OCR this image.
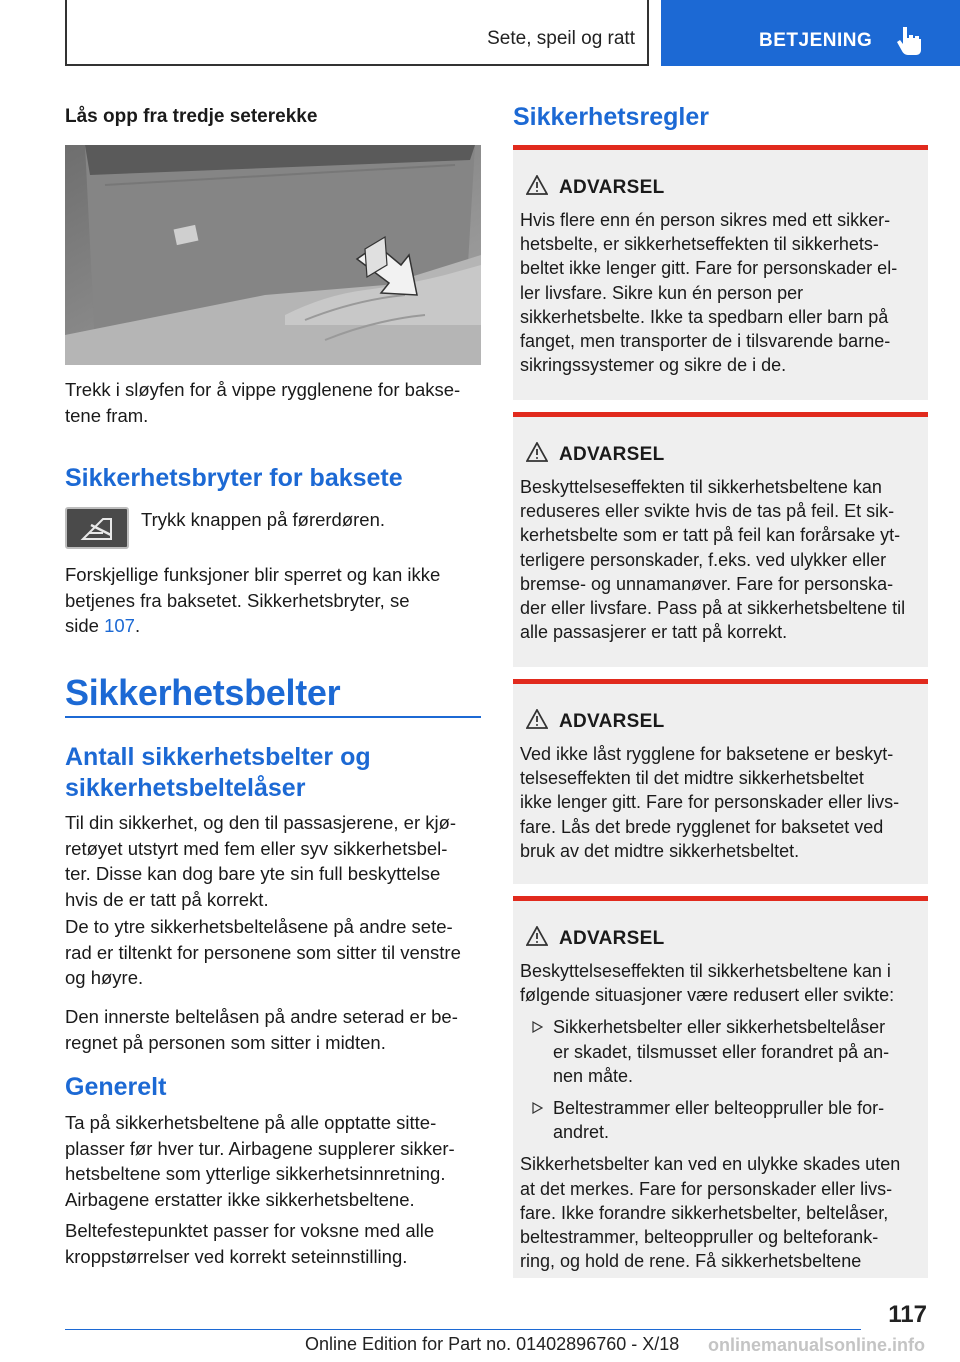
Sete, speil og ratt	BETJENING
Lås opp fra tredje seterekke
Trekk i sløyfen for å vippe rygglenene for bakse-
tene fram.
Sikkerhetsbryter for baksete
Trykk knappen på førerdøren.
Forskjellige funksjoner blir sperret og kan ikke
betjenes fra baksetet. Sikkerhetsbryter, se
side 107.
Sikkerhetsbelter
Antall sikkerhetsbelter og
sikkerhetsbeltelåser
Til din sikkerhet, og den til passasjerene, er kjø-
retøyet utstyrt med fem eller syv sikkerhetsbel-
ter. Disse kan dog bare yte sin full beskyttelse
hvis de er tatt på korrekt.
De to ytre sikkerhetsbeltelåsene på andre sete-
rad er tiltenkt for personene som sitter til venstre
og høyre.
Den innerste beltelåsen på andre seterad er be-
regnet på personen som sitter i midten.
Generelt
Ta på sikkerhetsbeltene på alle opptatte sitte-
plasser før hver tur. Airbagene supplerer sikker-
hetsbeltene som ytterlige sikkerhetsinnretning.
Airbagene erstatter ikke sikkerhetsbeltene.
Beltefestepunktet passer for voksne med alle
kroppstørrelser ved korrekt seteinnstilling.
Sikkerhetsregler
ADVARSEL
Hvis flere enn én person sikres med ett sikker-
hetsbelte, er sikkerhetseffekten til sikkerhets-
beltet ikke lenger gitt. Fare for personskader el-
ler livsfare. Sikre kun én person per
sikkerhetsbelte. Ikke ta spedbarn eller barn på
fanget, men transporter de i tilsvarende barne-
sikringssystemer og sikre de i de.
ADVARSEL
Beskyttelseseffekten til sikkerhetsbeltene kan
reduseres eller svikte hvis de tas på feil. Et sik-
kerhetsbelte som er tatt på feil kan forårsake yt-
terligere personskader, f.eks. ved ulykker eller
bremse- og unnamanøver. Fare for personska-
der eller livsfare. Pass på at sikkerhetsbeltene til
alle passasjerer er tatt på korrekt.
ADVARSEL
Ved ikke låst rygglene for baksetene er beskyt-
telseseffekten til det midtre sikkerhetsbeltet
ikke lenger gitt. Fare for personskader eller livs-
fare. Lås det brede rygglenet for baksetet ved
bruk av det midtre sikkerhetsbeltet.
ADVARSEL
Beskyttelseseffekten til sikkerhetsbeltene kan i
følgende situasjoner være redusert eller svikte:
Sikkerhetsbelter eller sikkerhetsbeltelåser
er skadet, tilsmusset eller forandret på an-
nen måte.
Beltestrammer eller belteoppruller ble for-
andret.
Sikkerhetsbelter kan ved en ulykke skades uten
at det merkes. Fare for personskader eller livs-
fare. Ikke forandre sikkerhetsbelter, beltelåser,
beltestrammer, belteoppruller og belteforank-
ring, og hold de rene. Få sikkerhetsbeltene
117
Online Edition for Part no. 01402896760 - X/18 onlinemanualsonline.info
